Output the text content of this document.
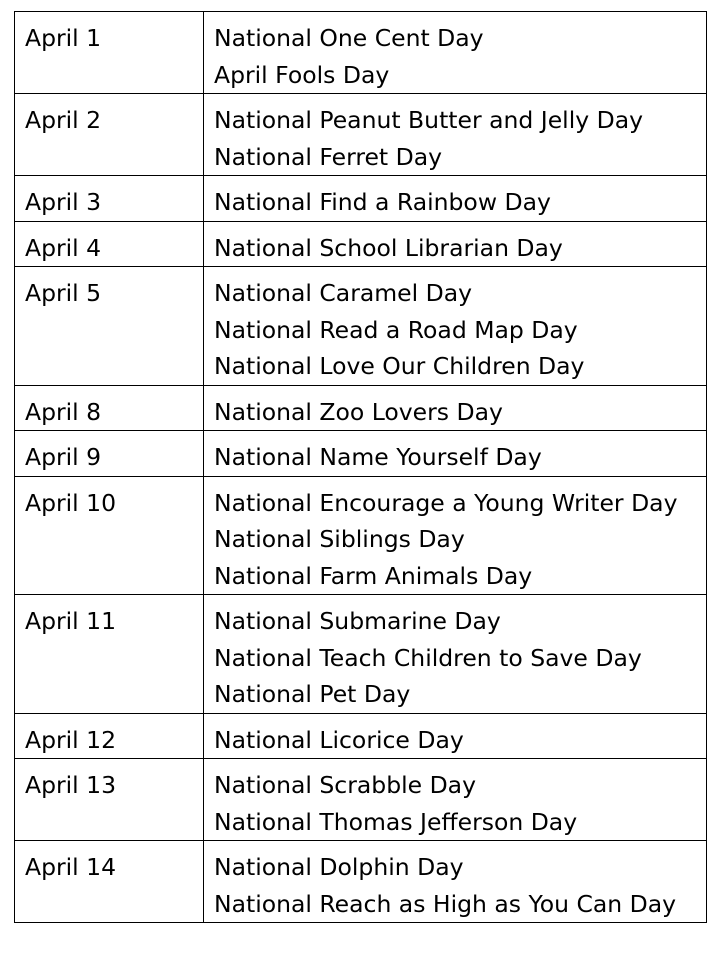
April 1	National One Cent Day
April Fools Day

April 2	National Peanut Butter and Jelly Day
National Ferret Day

April 3	National Find a Rainbow Day

April 4	National School Librarian Day

April 5	National Caramel Day
National Read a Road Map Day
National Love Our Children Day

April 8	National Zoo Lovers Day

April 9	National Name Yourself Day

April 10	National Encourage a Young Writer Day
National Siblings Day
National Farm Animals Day

April 11	National Submarine Day
National Teach Children to Save Day
National Pet Day

April 12	National Licorice Day

April 13	National Scrabble Day
National Thomas Jefferson Day

April 14	National Dolphin Day
National Reach as High as You Can Day
